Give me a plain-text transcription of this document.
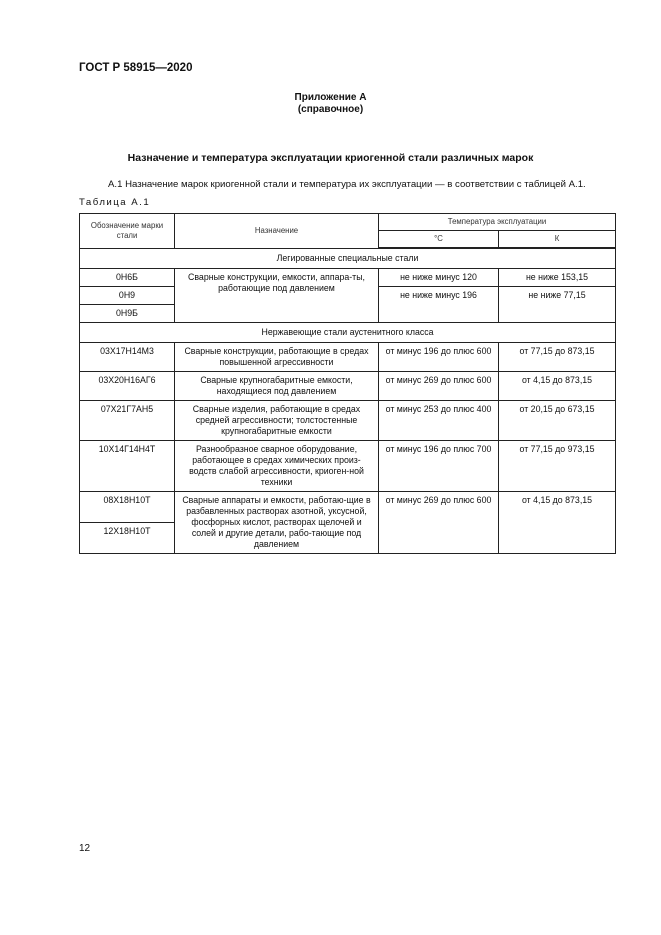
ГОСТ Р 58915—2020
Приложение А
(справочное)
Назначение и температура эксплуатации криогенной стали различных марок
А.1 Назначение марок криогенной стали и температура их эксплуатации — в соответствии с таблицей А.1.
Таблица А.1
Обозначение марки стали	Назначение	Температура эксплуатации	
		°С	К
Легированные специальные стали			
0Н6Б	Сварные конструкции, емкости, аппара-ты, работающие под давлением	не ниже минус 120	не ниже 153,15
0Н9		не ниже минус 196	не ниже 77,15
0Н9Б			
Нержавеющие стали аустенитного класса			
03Х17Н14М3	Сварные конструкции, работающие в средах повышенной агрессивности	от минус 196 до плюс 600	от 77,15 до 873,15
03Х20Н16АГ6	Сварные крупногабаритные емкости, находящиеся под давлением	от минус 269 до плюс 600	от 4,15 до 873,15
07Х21Г7АН5	Сварные изделия, работающие в средах средней агрессивности; толстостенные крупногабаритные емкости	от минус 253 до плюс 400	от 20,15 до 673,15
10Х14Г14Н4Т	Разнообразное сварное оборудование, работающее в средах химических произ-водств слабой агрессивности, криоген-ной техники	от минус 196 до плюс 700	от 77,15 до 973,15
08Х18Н10Т	Сварные аппараты и емкости, работаю-щие в разбавленных растворах азотной, уксусной, фосфорных кислот, растворах щелочей и солей и другие детали, рабо-тающие под давлением	от минус 269 до плюс 600	от 4,15 до 873,15
12Х18Н10Т			
12
